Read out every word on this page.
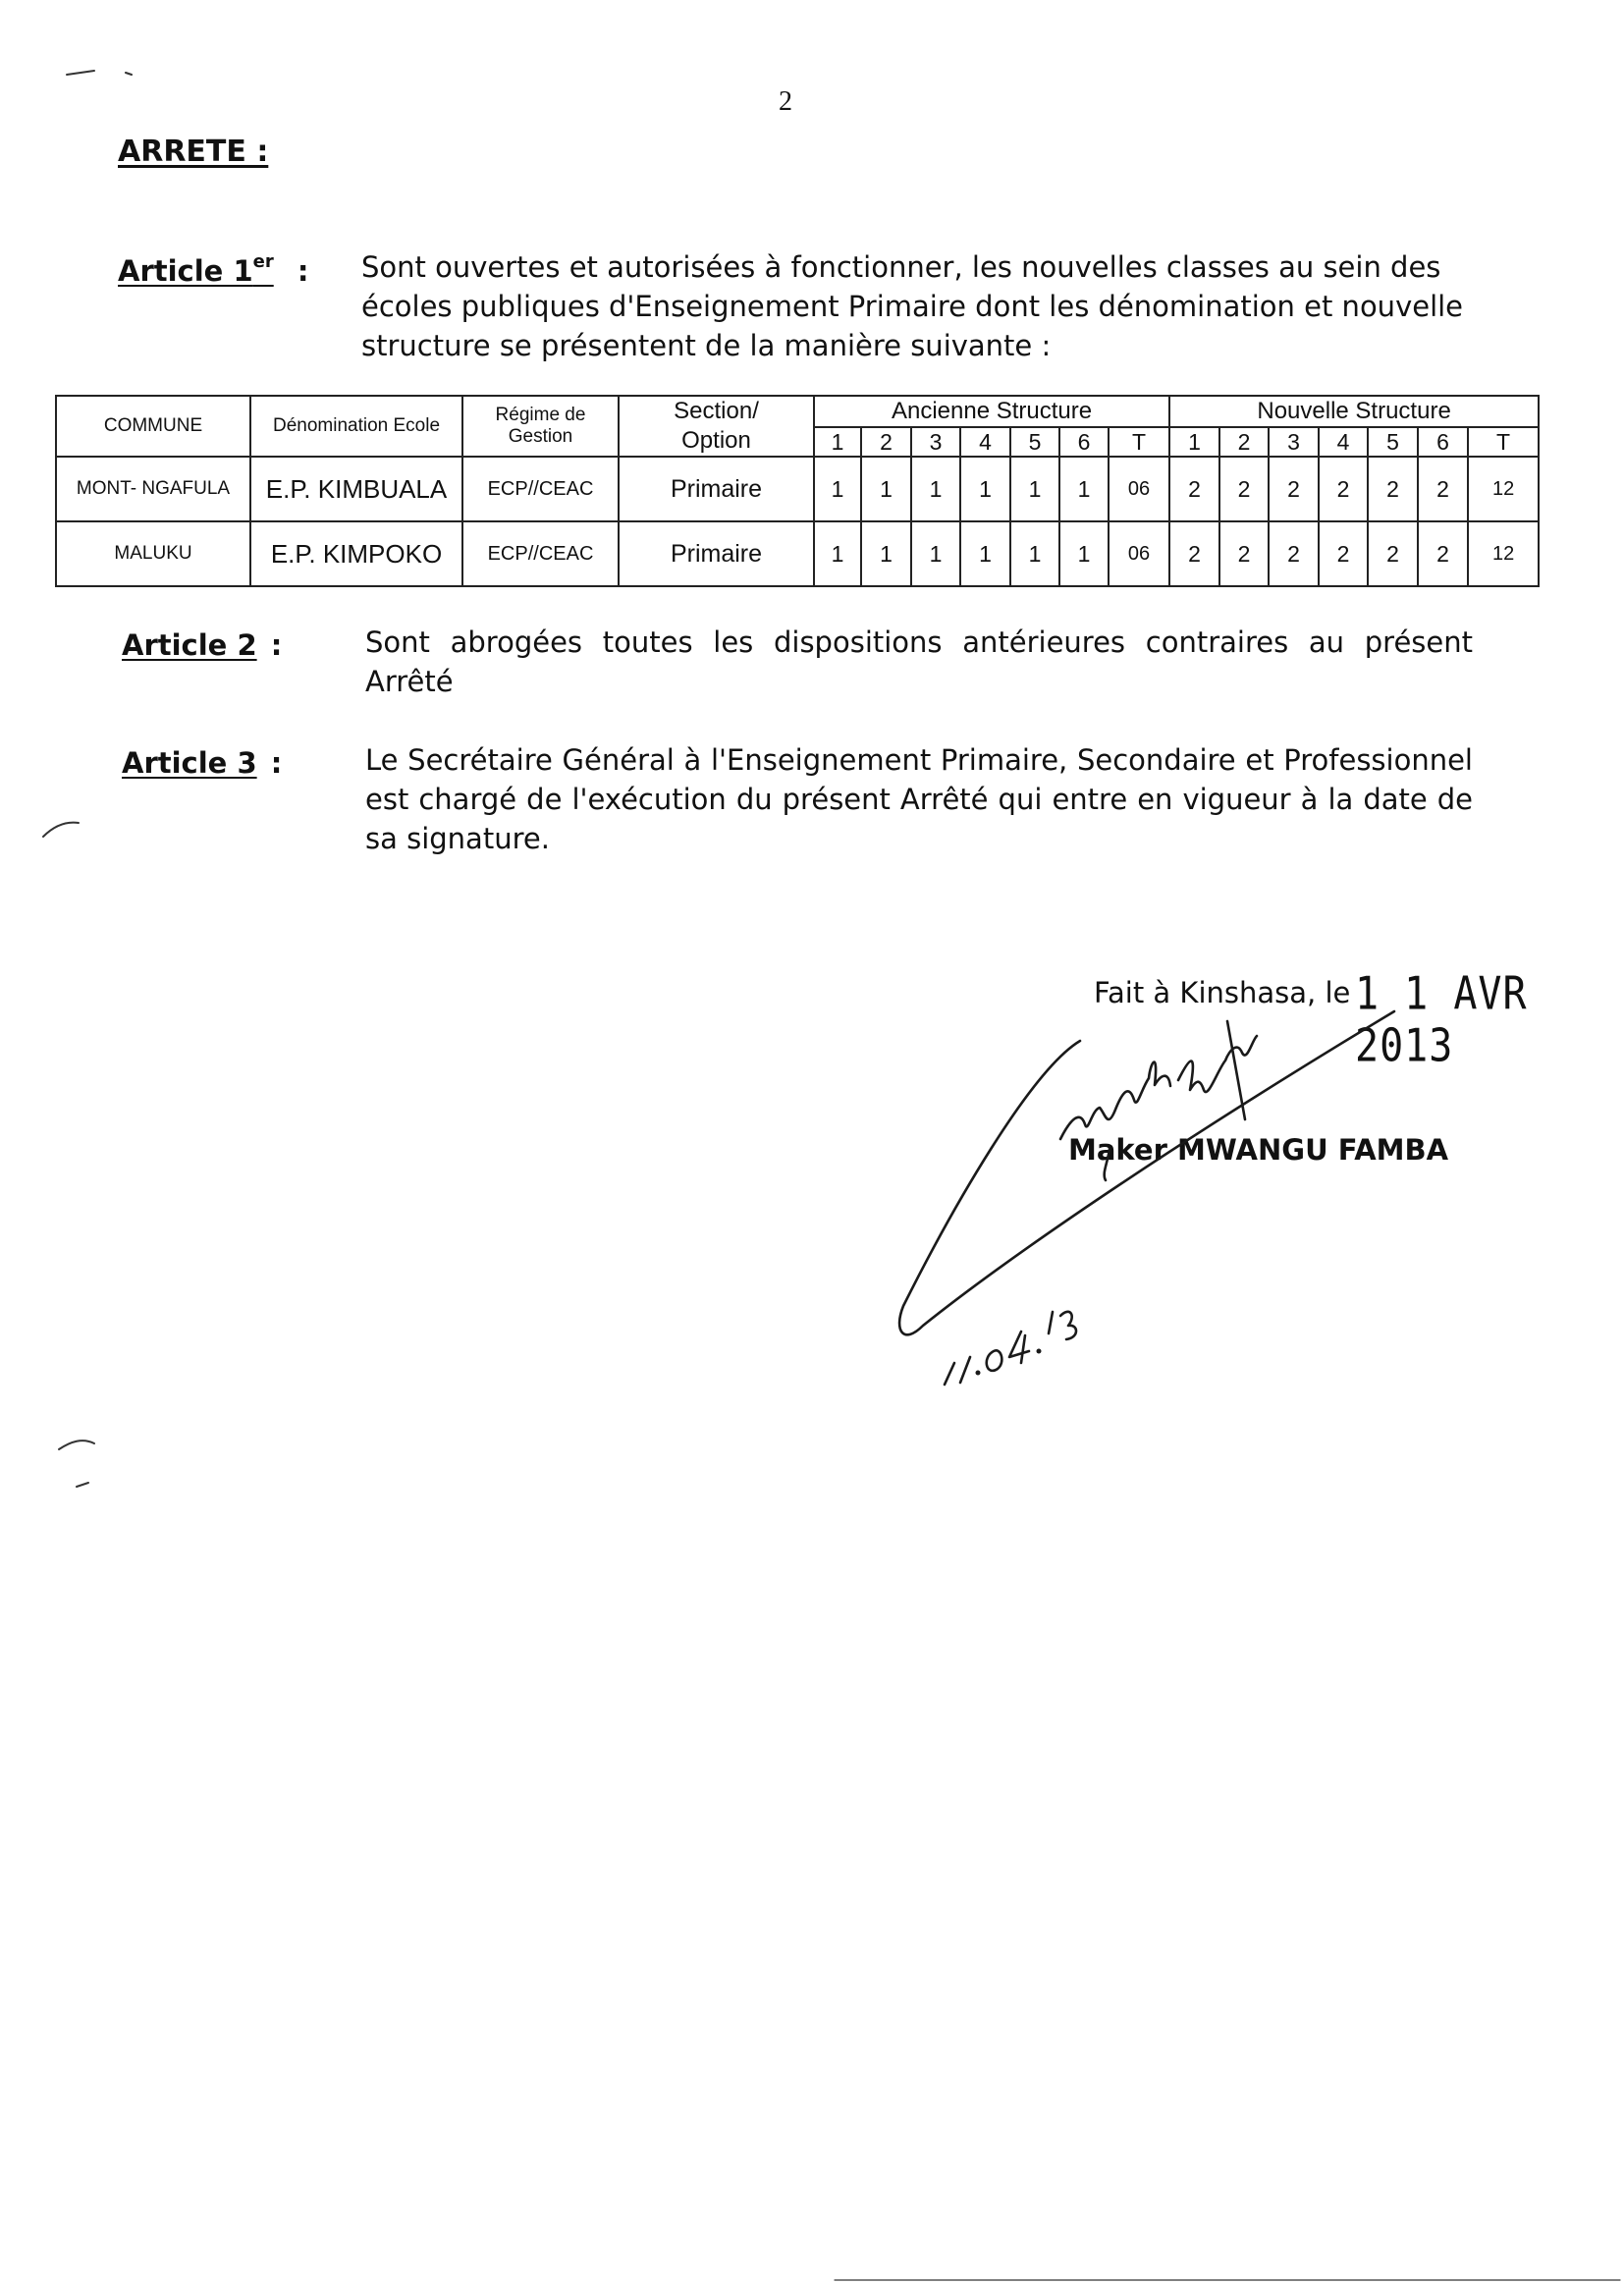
2
ARRETE :
Article 1er : Sont ouvertes et autorisées à fonctionner, les nouvelles classes au sein des écoles publiques d'Enseignement Primaire dont les dénomination et nouvelle structure se présentent de la manière suivante :

COMMUNE	Dénomination Ecole	Régime de Gestion	Section/ Option	Ancienne Structure							Nouvelle Structure						
				1	2	3	4	5	6	T	1	2	3	4	5	6	T
MONT- NGAFULA	E.P. KIMBUALA	ECP//CEAC	Primaire	1	1	1	1	1	1	06	2	2	2	2	2	2	12
MALUKU	E.P. KIMPOKO	ECP//CEAC	Primaire	1	1	1	1	1	1	06	2	2	2	2	2	2	12
Article 2 :	Sont abrogées toutes les dispositions antérieures contraires au présent Arrêté

Article 3 :	Le Secrétaire Général à l'Enseignement Primaire, Secondaire et Professionnel est chargé de l'exécution du présent Arrêté qui entre en vigueur à la date de sa signature.

Fait à Kinshasa, le 1 1 AVR 2013
Maker MWANGU FAMBA
